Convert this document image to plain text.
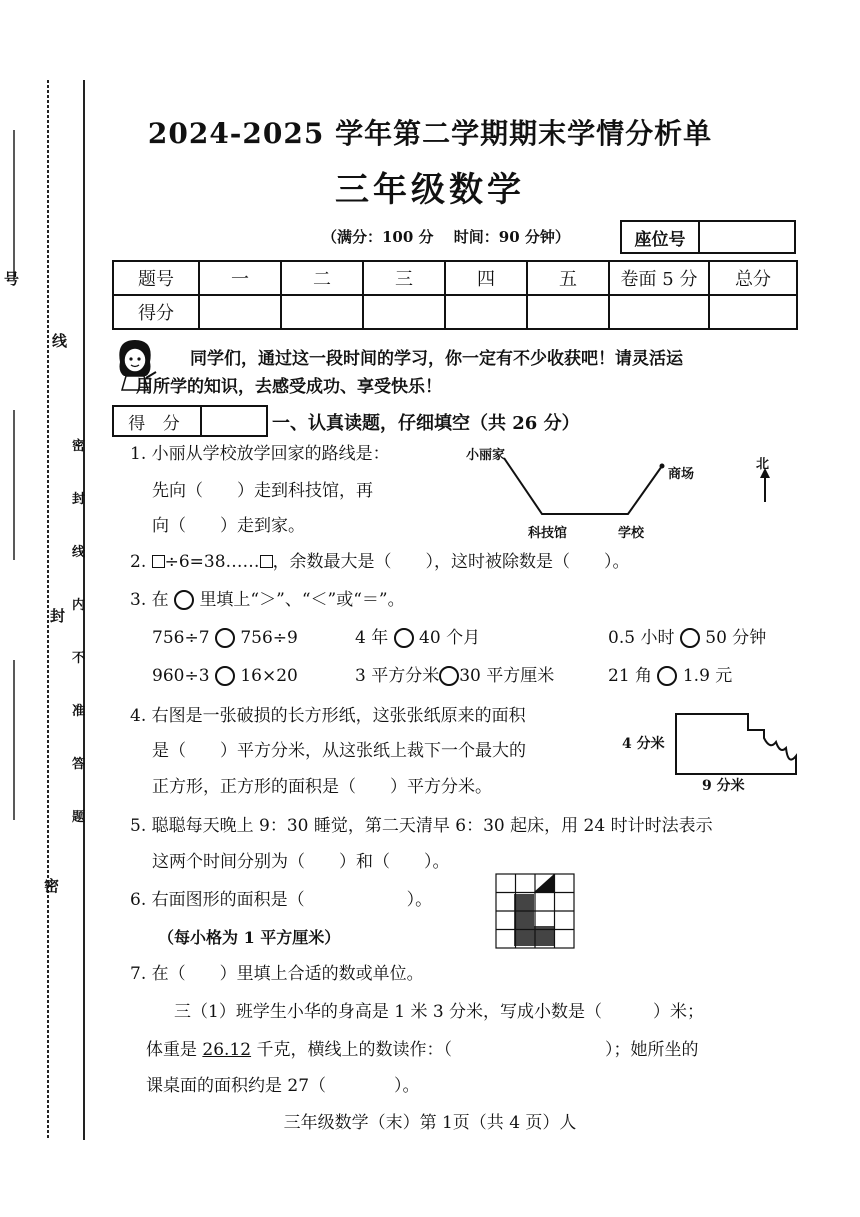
号
线
封
密
密封线内不准答题
2024-2025 学年第二学期期末学情分析单
三年级数学
（满分：100 分　 时间：90 分钟）	座位号
题号	一	二	三	四	五	卷面 5 分	总分
得分							
同学们，通过这一段时间的学习，你一定有不少收获吧！请灵活运
用所学的知识，去感受成功、享受快乐！
得 分	一、认真读题，仔细填空（共 26 分）
1. 小丽从学校放学回家的路线是：
先向（　　）走到科技馆，再
向（　　）走到家。
小丽家
商场
北
科技馆	学校
2. ÷6=38…… ，余数最大是（　　），这时被除数是（　　）。
3. 在 里填上“＞”、“＜”或“＝”。
756÷7 756÷9	4 年 40 个月	0.5 小时 50 分钟
960÷3 16×20	3 平方分米 30 平方厘米	21 角 1.9 元
4. 右图是一张破损的长方形纸，这张张纸原来的面积
是（　　）平方分米，从这张纸上裁下一个最大的
正方形，正方形的面积是（　　）平方分米。
4 分米
9 分米
5. 聪聪每天晚上 9：30 睡觉，第二天清早 6：30 起床，用 24 时计时法表示
这两个时间分别为（　　）和（　　）。
6. 右面图形的面积是（　　　　　　）。
（每小格为 1 平方厘米）
7. 在（　　）里填上合适的数或单位。
三（1）班学生小华的身高是 1 米 3 分米，写成小数是（　　　）米；
体重是 26.12 千克，横线上的数读作：（　　　　　　　　　）；她所坐的
课桌面的面积约是 27（　　　　）。
三年级数学（末）第 1页（共 4 页）人
